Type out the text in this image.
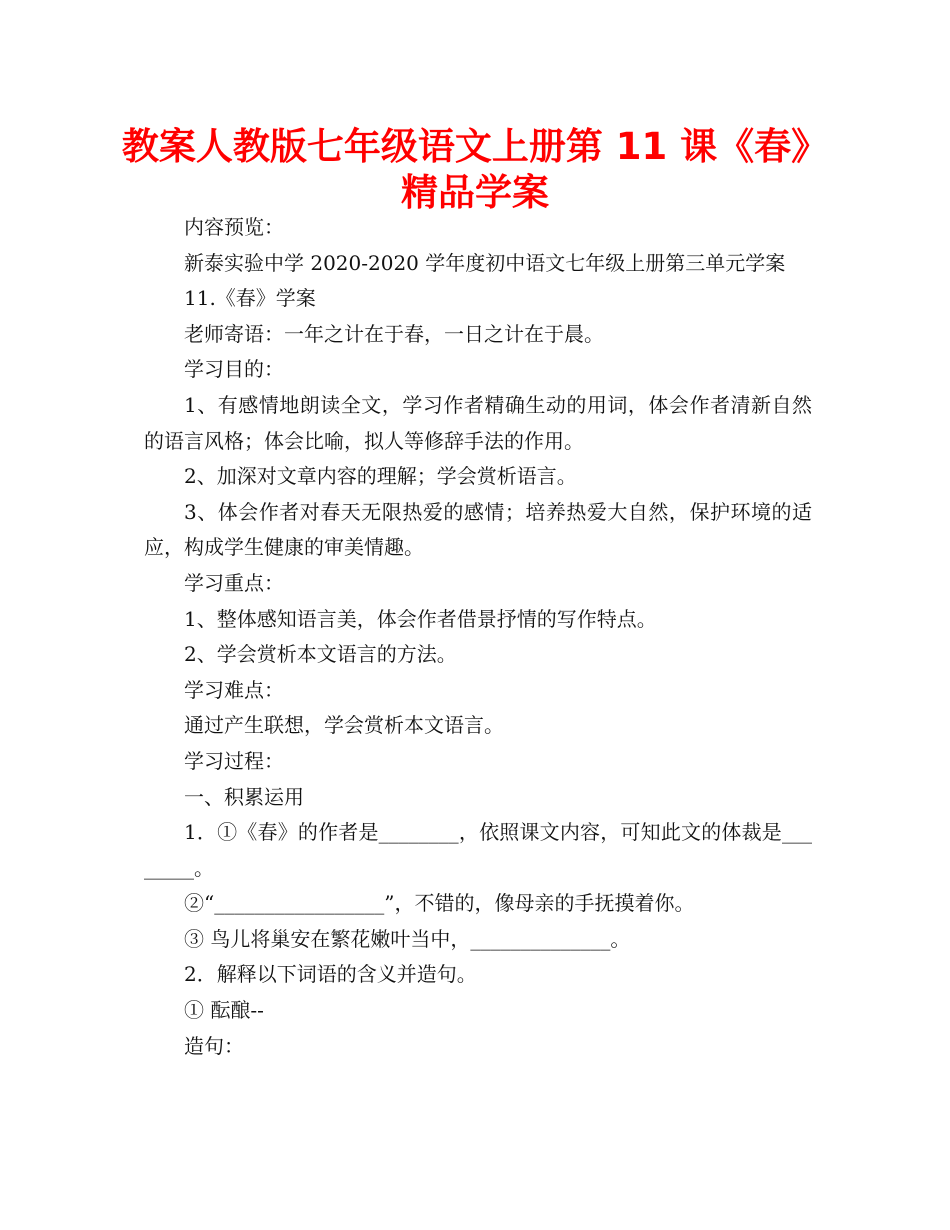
教案人教版七年级语文上册第 11 课《春》
精品学案

内容预览：

新泰实验中学 2020-2020 学年度初中语文七年级上册第三单元学案

11.《春》学案

老师寄语：一年之计在于春，一日之计在于晨。

学习目的：

1、有感情地朗读全文，学习作者精确生动的用词，体会作者清新自然的语言风格；体会比喻，拟人等修辞手法的作用。

2、加深对文章内容的理解；学会赏析语言。

3、体会作者对春天无限热爱的感情；培养热爱大自然，保护环境的适应，构成学生健康的审美情趣。

学习重点：

1、整体感知语言美，体会作者借景抒情的写作特点。

2、学会赏析本文语言的方法。

学习难点：

通过产生联想，学会赏析本文语言。

学习过程：

一、积累运用

1．①《春》的作者是________，依照课文内容，可知此文的体裁是________。

②“_________________”，不错的，像母亲的手抚摸着你。

③ 鸟儿将巢安在繁花嫩叶当中，______________。

2．解释以下词语的含义并造句。

① 酝酿--

造句：
